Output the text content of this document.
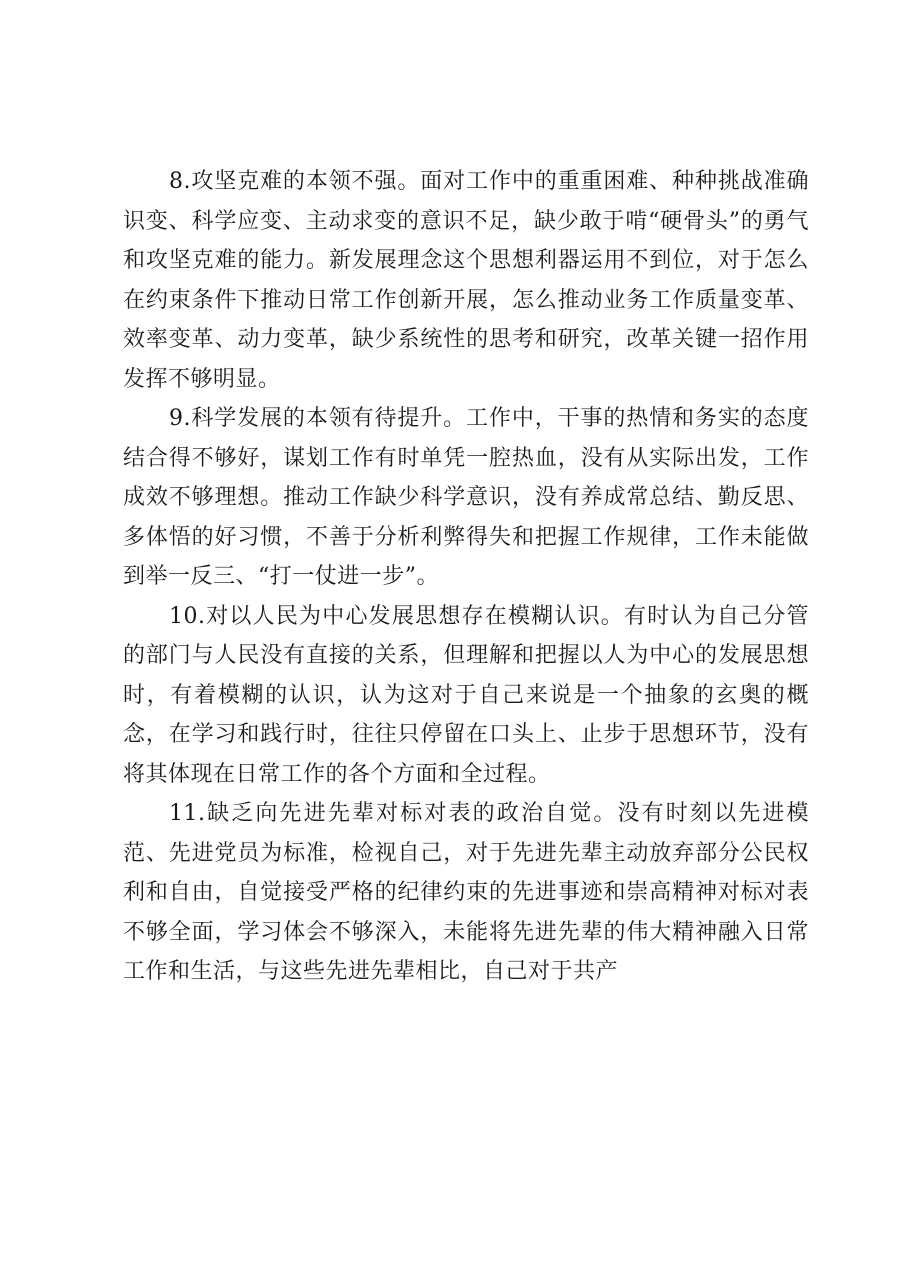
8.攻坚克难的本领不强。面对工作中的重重困难、种种挑战准确识变、科学应变、主动求变的意识不足，缺少敢于啃“硬骨头”的勇气和攻坚克难的能力。新发展理念这个思想利器运用不到位，对于怎么在约束条件下推动日常工作创新开展，怎么推动业务工作质量变革、效率变革、动力变革，缺少系统性的思考和研究，改革关键一招作用发挥不够明显。

9.科学发展的本领有待提升。工作中，干事的热情和务实的态度结合得不够好，谋划工作有时单凭一腔热血，没有从实际出发，工作成效不够理想。推动工作缺少科学意识，没有养成常总结、勤反思、多体悟的好习惯，不善于分析利弊得失和把握工作规律，工作未能做到举一反三、“打一仗进一步”。

10.对以人民为中心发展思想存在模糊认识。有时认为自己分管的部门与人民没有直接的关系，但理解和把握以人为中心的发展思想时，有着模糊的认识，认为这对于自己来说是一个抽象的玄奥的概念，在学习和践行时，往往只停留在口头上、止步于思想环节，没有将其体现在日常工作的各个方面和全过程。

11.缺乏向先进先辈对标对表的政治自觉。没有时刻以先进模范、先进党员为标准，检视自己，对于先进先辈主动放弃部分公民权利和自由，自觉接受严格的纪律约束的先进事迹和崇高精神对标对表不够全面，学习体会不够深入，未能将先进先辈的伟大精神融入日常工作和生活，与这些先进先辈相比，自己对于共产
